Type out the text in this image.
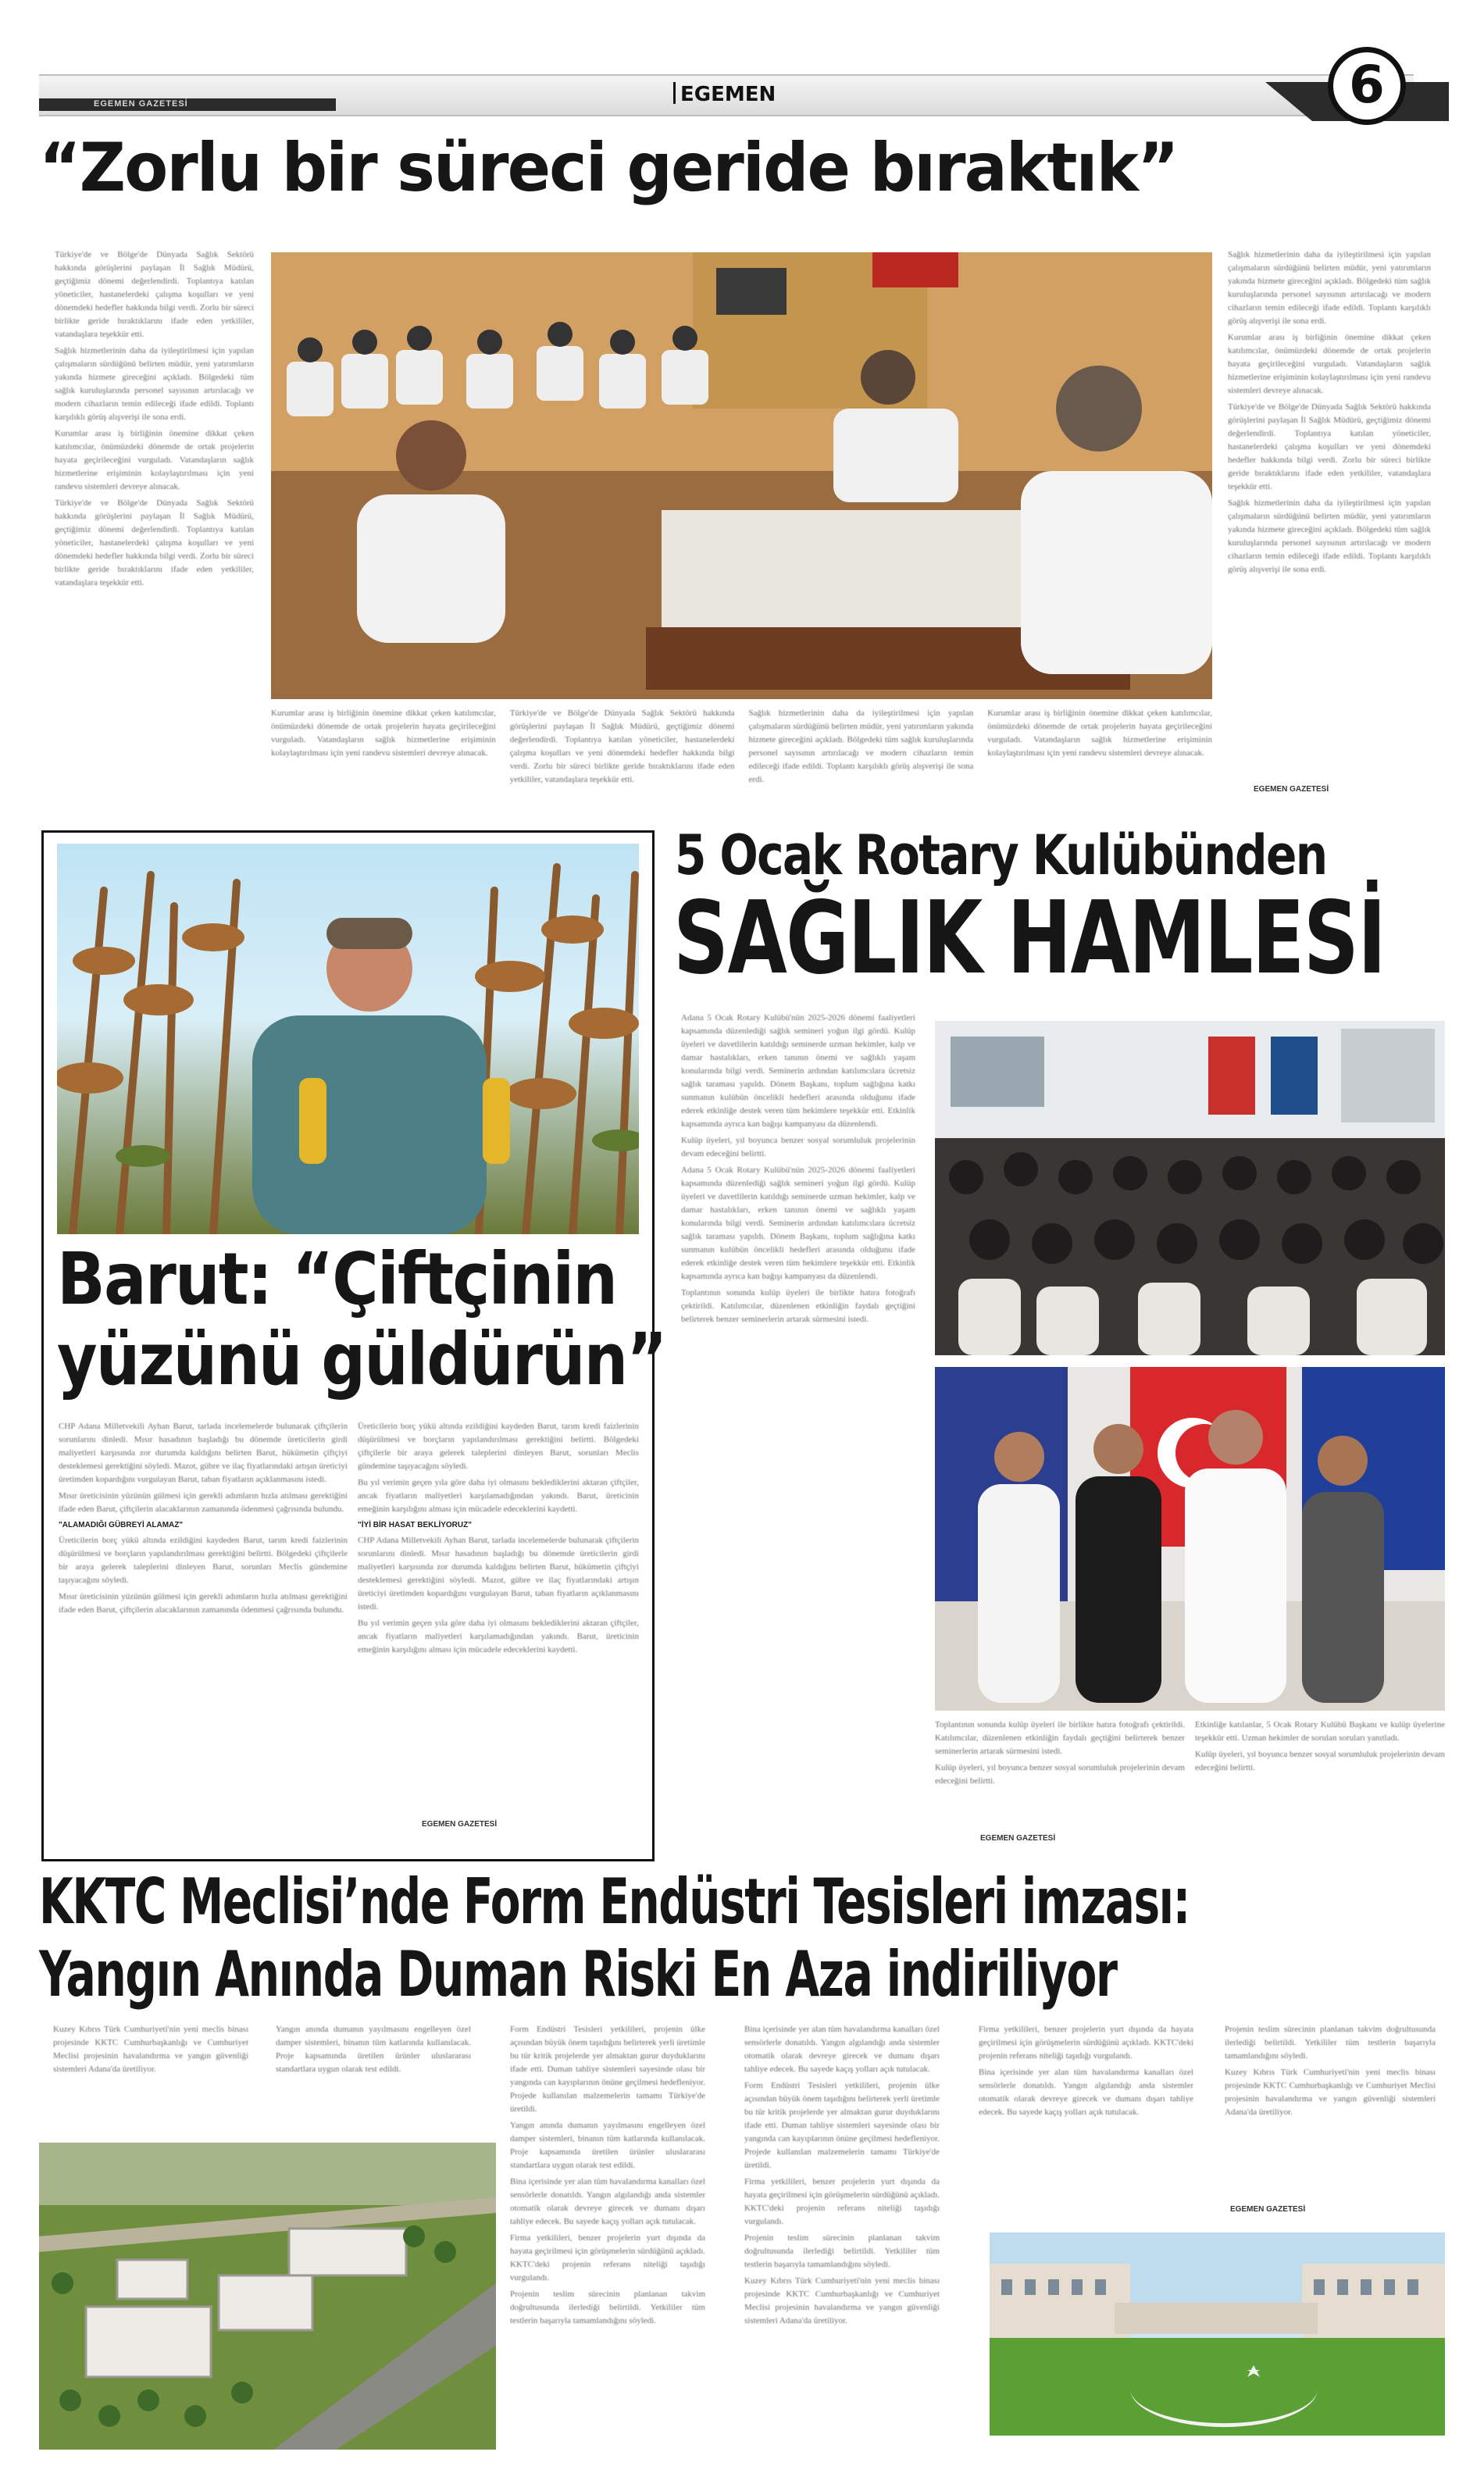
EGEMEN GAZETESİ	EGEMEN	6
“Zorlu bir süreci geride bıraktık”

Türkiye'de ve Bölge'de Dünyada Sağlık Sektörü hakkında görüşlerini paylaşan İl Sağlık Müdürü, geçtiğimiz dönemi değerlendirdi. Toplantıya katılan yöneticiler, hastanelerdeki çalışma koşulları ve yeni dönemdeki hedefler hakkında bilgi verdi. Zorlu bir süreci birlikte geride bıraktıklarını ifade eden yetkililer, vatandaşlara teşekkür etti.

Sağlık hizmetlerinin daha da iyileştirilmesi için yapılan çalışmaların sürdüğünü belirten müdür, yeni yatırımların yakında hizmete gireceğini açıkladı. Bölgedeki tüm sağlık kuruluşlarında personel sayısının artırılacağı ve modern cihazların temin edileceği ifade edildi. Toplantı karşılıklı görüş alışverişi ile sona erdi.

Kurumlar arası iş birliğinin önemine dikkat çeken katılımcılar, önümüzdeki dönemde de ortak projelerin hayata geçirileceğini vurguladı. Vatandaşların sağlık hizmetlerine erişiminin kolaylaştırılması için yeni randevu sistemleri devreye alınacak.

Türkiye'de ve Bölge'de Dünyada Sağlık Sektörü hakkında görüşlerini paylaşan İl Sağlık Müdürü, geçtiğimiz dönemi değerlendirdi. Toplantıya katılan yöneticiler, hastanelerdeki çalışma koşulları ve yeni dönemdeki hedefler hakkında bilgi verdi. Zorlu bir süreci birlikte geride bıraktıklarını ifade eden yetkililer, vatandaşlara teşekkür etti.

Sağlık hizmetlerinin daha da iyileştirilmesi için yapılan çalışmaların sürdüğünü belirten müdür, yeni yatırımların yakında hizmete gireceğini açıkladı. Bölgedeki tüm sağlık kuruluşlarında personel sayısının artırılacağı ve modern cihazların temin edileceği ifade edildi. Toplantı karşılıklı görüş alışverişi ile sona erdi.

Kurumlar arası iş birliğinin önemine dikkat çeken katılımcılar, önümüzdeki dönemde de ortak projelerin hayata geçirileceğini vurguladı. Vatandaşların sağlık hizmetlerine erişiminin kolaylaştırılması için yeni randevu sistemleri devreye alınacak.

Türkiye'de ve Bölge'de Dünyada Sağlık Sektörü hakkında görüşlerini paylaşan İl Sağlık Müdürü, geçtiğimiz dönemi değerlendirdi. Toplantıya katılan yöneticiler, hastanelerdeki çalışma koşulları ve yeni dönemdeki hedefler hakkında bilgi verdi. Zorlu bir süreci birlikte geride bıraktıklarını ifade eden yetkililer, vatandaşlara teşekkür etti.

Sağlık hizmetlerinin daha da iyileştirilmesi için yapılan çalışmaların sürdüğünü belirten müdür, yeni yatırımların yakında hizmete gireceğini açıkladı. Bölgedeki tüm sağlık kuruluşlarında personel sayısının artırılacağı ve modern cihazların temin edileceği ifade edildi. Toplantı karşılıklı görüş alışverişi ile sona erdi.

Kurumlar arası iş birliğinin önemine dikkat çeken katılımcılar, önümüzdeki dönemde de ortak projelerin hayata geçirileceğini vurguladı. Vatandaşların sağlık hizmetlerine erişiminin kolaylaştırılması için yeni randevu sistemleri devreye alınacak.

Türkiye'de ve Bölge'de Dünyada Sağlık Sektörü hakkında görüşlerini paylaşan İl Sağlık Müdürü, geçtiğimiz dönemi değerlendirdi. Toplantıya katılan yöneticiler, hastanelerdeki çalışma koşulları ve yeni dönemdeki hedefler hakkında bilgi verdi. Zorlu bir süreci birlikte geride bıraktıklarını ifade eden yetkililer, vatandaşlara teşekkür etti.

Sağlık hizmetlerinin daha da iyileştirilmesi için yapılan çalışmaların sürdüğünü belirten müdür, yeni yatırımların yakında hizmete gireceğini açıkladı. Bölgedeki tüm sağlık kuruluşlarında personel sayısının artırılacağı ve modern cihazların temin edileceği ifade edildi. Toplantı karşılıklı görüş alışverişi ile sona erdi.

Kurumlar arası iş birliğinin önemine dikkat çeken katılımcılar, önümüzdeki dönemde de ortak projelerin hayata geçirileceğini vurguladı. Vatandaşların sağlık hizmetlerine erişiminin kolaylaştırılması için yeni randevu sistemleri devreye alınacak.

EGEMEN GAZETESİ
Barut: “Çiftçinin
yüzünü güldürün”

CHP Adana Milletvekili Ayhan Barut, tarlada incelemelerde bulunarak çiftçilerin sorunlarını dinledi. Mısır hasadının başladığı bu dönemde üreticilerin girdi maliyetleri karşısında zor durumda kaldığını belirten Barut, hükümetin çiftçiyi desteklemesi gerektiğini söyledi. Mazot, gübre ve ilaç fiyatlarındaki artışın üreticiyi üretimden kopardığını vurgulayan Barut, taban fiyatların açıklanmasını istedi.

Mısır üreticisinin yüzünün gülmesi için gerekli adımların hızla atılması gerektiğini ifade eden Barut, çiftçilerin alacaklarının zamanında ödenmesi çağrısında bulundu.

"ALAMADIĞI GÜBREYİ ALAMAZ"

Üreticilerin borç yükü altında ezildiğini kaydeden Barut, tarım kredi faizlerinin düşürülmesi ve borçların yapılandırılması gerektiğini belirtti. Bölgedeki çiftçilerle bir araya gelerek taleplerini dinleyen Barut, sorunları Meclis gündemine taşıyacağını söyledi.

Mısır üreticisinin yüzünün gülmesi için gerekli adımların hızla atılması gerektiğini ifade eden Barut, çiftçilerin alacaklarının zamanında ödenmesi çağrısında bulundu.

Üreticilerin borç yükü altında ezildiğini kaydeden Barut, tarım kredi faizlerinin düşürülmesi ve borçların yapılandırılması gerektiğini belirtti. Bölgedeki çiftçilerle bir araya gelerek taleplerini dinleyen Barut, sorunları Meclis gündemine taşıyacağını söyledi.

Bu yıl verimin geçen yıla göre daha iyi olmasını beklediklerini aktaran çiftçiler, ancak fiyatların maliyetleri karşılamadığından yakındı. Barut, üreticinin emeğinin karşılığını alması için mücadele edeceklerini kaydetti.

"İYİ BİR HASAT BEKLİYORUZ"

CHP Adana Milletvekili Ayhan Barut, tarlada incelemelerde bulunarak çiftçilerin sorunlarını dinledi. Mısır hasadının başladığı bu dönemde üreticilerin girdi maliyetleri karşısında zor durumda kaldığını belirten Barut, hükümetin çiftçiyi desteklemesi gerektiğini söyledi. Mazot, gübre ve ilaç fiyatlarındaki artışın üreticiyi üretimden kopardığını vurgulayan Barut, taban fiyatların açıklanmasını istedi.

Bu yıl verimin geçen yıla göre daha iyi olmasını beklediklerini aktaran çiftçiler, ancak fiyatların maliyetleri karşılamadığından yakındı. Barut, üreticinin emeğinin karşılığını alması için mücadele edeceklerini kaydetti.

EGEMEN GAZETESİ
5 Ocak Rotary Kulübünden
SAĞLIK HAMLESİ

Adana 5 Ocak Rotary Kulübü'nün 2025-2026 dönemi faaliyetleri kapsamında düzenlediği sağlık semineri yoğun ilgi gördü. Kulüp üyeleri ve davetlilerin katıldığı seminerde uzman hekimler, kalp ve damar hastalıkları, erken tanının önemi ve sağlıklı yaşam konularında bilgi verdi. Seminerin ardından katılımcılara ücretsiz sağlık taraması yapıldı. Dönem Başkanı, toplum sağlığına katkı sunmanın kulübün öncelikli hedefleri arasında olduğunu ifade ederek etkinliğe destek veren tüm hekimlere teşekkür etti. Etkinlik kapsamında ayrıca kan bağışı kampanyası da düzenlendi.

Kulüp üyeleri, yıl boyunca benzer sosyal sorumluluk projelerinin devam edeceğini belirtti.

Adana 5 Ocak Rotary Kulübü'nün 2025-2026 dönemi faaliyetleri kapsamında düzenlediği sağlık semineri yoğun ilgi gördü. Kulüp üyeleri ve davetlilerin katıldığı seminerde uzman hekimler, kalp ve damar hastalıkları, erken tanının önemi ve sağlıklı yaşam konularında bilgi verdi. Seminerin ardından katılımcılara ücretsiz sağlık taraması yapıldı. Dönem Başkanı, toplum sağlığına katkı sunmanın kulübün öncelikli hedefleri arasında olduğunu ifade ederek etkinliğe destek veren tüm hekimlere teşekkür etti. Etkinlik kapsamında ayrıca kan bağışı kampanyası da düzenlendi.

Toplantının sonunda kulüp üyeleri ile birlikte hatıra fotoğrafı çektirildi. Katılımcılar, düzenlenen etkinliğin faydalı geçtiğini belirterek benzer seminerlerin artarak sürmesini istedi.

Toplantının sonunda kulüp üyeleri ile birlikte hatıra fotoğrafı çektirildi. Katılımcılar, düzenlenen etkinliğin faydalı geçtiğini belirterek benzer seminerlerin artarak sürmesini istedi.

Kulüp üyeleri, yıl boyunca benzer sosyal sorumluluk projelerinin devam edeceğini belirtti.

Etkinliğe katılanlar, 5 Ocak Rotary Kulübü Başkanı ve kulüp üyelerine teşekkür etti. Uzman hekimler de sorulan soruları yanıtladı.

Kulüp üyeleri, yıl boyunca benzer sosyal sorumluluk projelerinin devam edeceğini belirtti.

EGEMEN GAZETESİ
KKTC Meclisi’nde Form Endüstri Tesisleri imzası:
Yangın Anında Duman Riski En Aza indiriliyor

Kuzey Kıbrıs Türk Cumhuriyeti'nin yeni meclis binası projesinde KKTC Cumhurbaşkanlığı ve Cumhuriyet Meclisi projesinin havalandırma ve yangın güvenliği sistemleri Adana'da üretiliyor.

Yangın anında dumanın yayılmasını engelleyen özel damper sistemleri, binanın tüm katlarında kullanılacak. Proje kapsamında üretilen ürünler uluslararası standartlara uygun olarak test edildi.

Form Endüstri Tesisleri yetkilileri, projenin ülke açısından büyük önem taşıdığını belirterek yerli üretimle bu tür kritik projelerde yer almaktan gurur duyduklarını ifade etti. Duman tahliye sistemleri sayesinde olası bir yangında can kayıplarının önüne geçilmesi hedefleniyor. Projede kullanılan malzemelerin tamamı Türkiye'de üretildi.

Yangın anında dumanın yayılmasını engelleyen özel damper sistemleri, binanın tüm katlarında kullanılacak. Proje kapsamında üretilen ürünler uluslararası standartlara uygun olarak test edildi.

Bina içerisinde yer alan tüm havalandırma kanalları özel sensörlerle donatıldı. Yangın algılandığı anda sistemler otomatik olarak devreye girecek ve dumanı dışarı tahliye edecek. Bu sayede kaçış yolları açık tutulacak.

Firma yetkilileri, benzer projelerin yurt dışında da hayata geçirilmesi için görüşmelerin sürdüğünü açıkladı. KKTC'deki projenin referans niteliği taşıdığı vurgulandı.

Projenin teslim sürecinin planlanan takvim doğrultusunda ilerlediği belirtildi. Yetkililer tüm testlerin başarıyla tamamlandığını söyledi.

Bina içerisinde yer alan tüm havalandırma kanalları özel sensörlerle donatıldı. Yangın algılandığı anda sistemler otomatik olarak devreye girecek ve dumanı dışarı tahliye edecek. Bu sayede kaçış yolları açık tutulacak.

Form Endüstri Tesisleri yetkilileri, projenin ülke açısından büyük önem taşıdığını belirterek yerli üretimle bu tür kritik projelerde yer almaktan gurur duyduklarını ifade etti. Duman tahliye sistemleri sayesinde olası bir yangında can kayıplarının önüne geçilmesi hedefleniyor. Projede kullanılan malzemelerin tamamı Türkiye'de üretildi.

Firma yetkilileri, benzer projelerin yurt dışında da hayata geçirilmesi için görüşmelerin sürdüğünü açıkladı. KKTC'deki projenin referans niteliği taşıdığı vurgulandı.

Projenin teslim sürecinin planlanan takvim doğrultusunda ilerlediği belirtildi. Yetkililer tüm testlerin başarıyla tamamlandığını söyledi.

Kuzey Kıbrıs Türk Cumhuriyeti'nin yeni meclis binası projesinde KKTC Cumhurbaşkanlığı ve Cumhuriyet Meclisi projesinin havalandırma ve yangın güvenliği sistemleri Adana'da üretiliyor.

Firma yetkilileri, benzer projelerin yurt dışında da hayata geçirilmesi için görüşmelerin sürdüğünü açıkladı. KKTC'deki projenin referans niteliği taşıdığı vurgulandı.

Bina içerisinde yer alan tüm havalandırma kanalları özel sensörlerle donatıldı. Yangın algılandığı anda sistemler otomatik olarak devreye girecek ve dumanı dışarı tahliye edecek. Bu sayede kaçış yolları açık tutulacak.

Projenin teslim sürecinin planlanan takvim doğrultusunda ilerlediği belirtildi. Yetkililer tüm testlerin başarıyla tamamlandığını söyledi.

Kuzey Kıbrıs Türk Cumhuriyeti'nin yeni meclis binası projesinde KKTC Cumhurbaşkanlığı ve Cumhuriyet Meclisi projesinin havalandırma ve yangın güvenliği sistemleri Adana'da üretiliyor.

EGEMEN GAZETESİ
